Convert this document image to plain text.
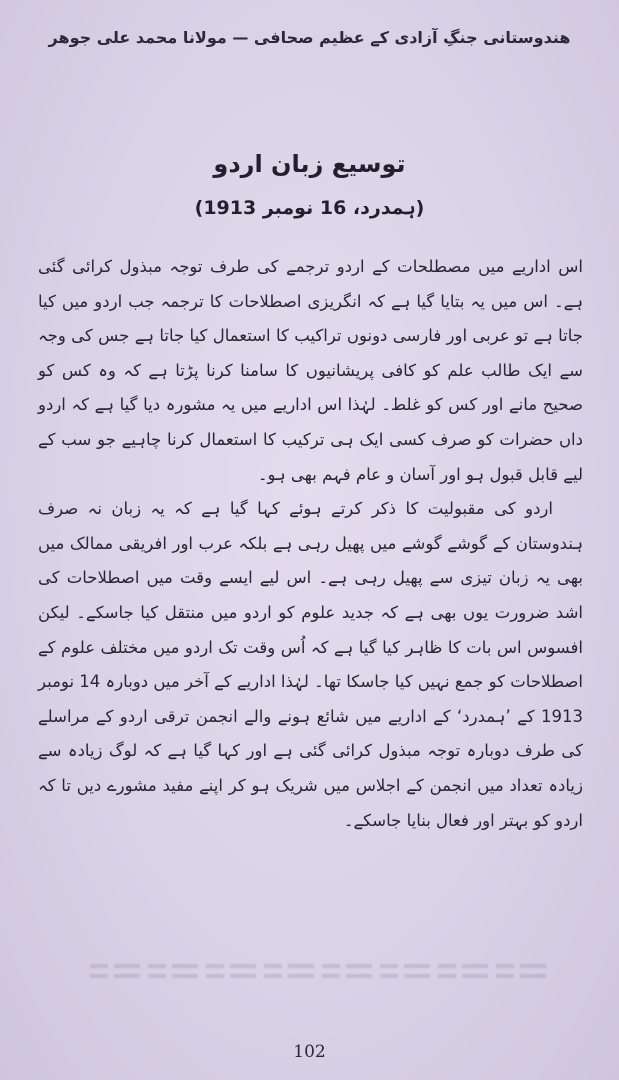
ھندوستانی جنگِ آزادی کے عظیم صحافی — مولانا محمد علی جوھر
توسیع زبان اردو
(ہمدرد، 16 نومبر 1913)

اس اداریے میں مصطلحات کے اردو ترجمے کی طرف توجہ مبذول کرائی گئی ہے۔ اس میں یہ بتایا گیا ہے کہ انگریزی اصطلاحات کا ترجمہ جب اردو میں کیا جاتا ہے تو عربی اور فارسی دونوں تراکیب کا استعمال کیا جاتا ہے جس کی وجہ سے ایک طالب علم کو کافی پریشانیوں کا سامنا کرنا پڑتا ہے کہ وہ کس کو صحیح مانے اور کس کو غلط۔ لہٰذا اس اداریے میں یہ مشورہ دیا گیا ہے کہ اردو داں حضرات کو صرف کسی ایک ہی ترکیب کا استعمال کرنا چاہیے جو سب کے لیے قابل قبول ہو اور آسان و عام فہم بھی ہو۔

اردو کی مقبولیت کا ذکر کرتے ہوئے کہا گیا ہے کہ یہ زبان نہ صرف ہندوستان کے گوشے گوشے میں پھیل رہی ہے بلکہ عرب اور افریقی ممالک میں بھی یہ زبان تیزی سے پھیل رہی ہے۔ اس لیے ایسے وقت میں اصطلاحات کی اشد ضرورت یوں بھی ہے کہ جدید علوم کو اردو میں منتقل کیا جاسکے۔ لیکن افسوس اس بات کا ظاہر کیا گیا ہے کہ اُس وقت تک اردو میں مختلف علوم کے اصطلاحات کو جمع نہیں کیا جاسکا تھا۔ لہٰذا اداریے کے آخر میں دوبارہ 14 نومبر 1913 کے ’ہمدرد‘ کے اداریے میں شائع ہونے والے انجمن ترقی اردو کے مراسلے کی طرف دوبارہ توجہ مبذول کرائی گئی ہے اور کہا گیا ہے کہ لوگ زیادہ سے زیادہ تعداد میں انجمن کے اجلاس میں شریک ہو کر اپنے مفید مشورے دیں تا کہ اردو کو بہتر اور فعال بنایا جاسکے۔

102
